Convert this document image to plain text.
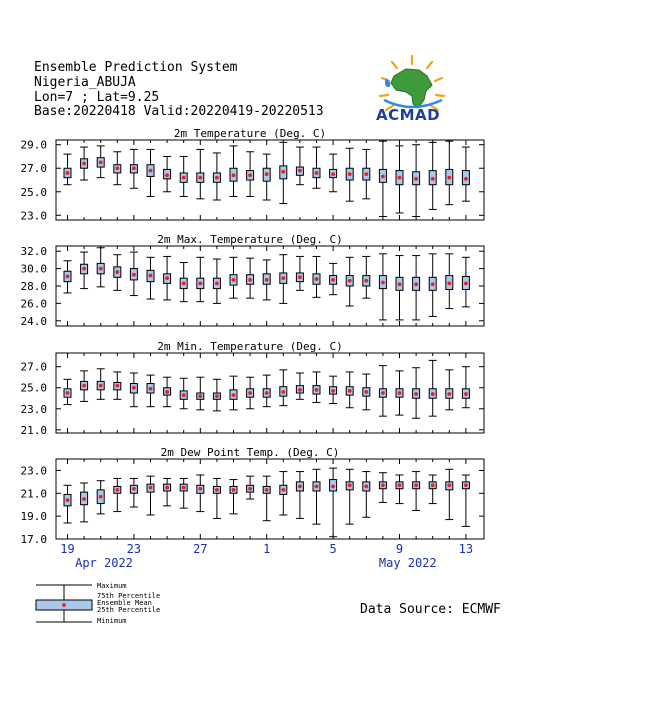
Ensemble Prediction System
Nigeria_ABUJA
Lon=7 ; Lat=9.25
Base:20220418 Valid:20220419-20220513	ACMAD
2m Temperature (Deg. C)
23.0
25.0
27.0
29.0
2m Max. Temperature (Deg. C)
24.0
26.0
28.0
30.0
32.0
2m Min. Temperature (Deg. C)
21.0
23.0
25.0
27.0
2m Dew Point Temp. (Deg. C)
17.0
19.0
21.0
23.0
19	23	27	1	5	9	13
Apr 2022	May 2022
Maximum
75th Percentile
Ensemble Mean
25th Percentile
Minimum
Data Source: ECMWF
